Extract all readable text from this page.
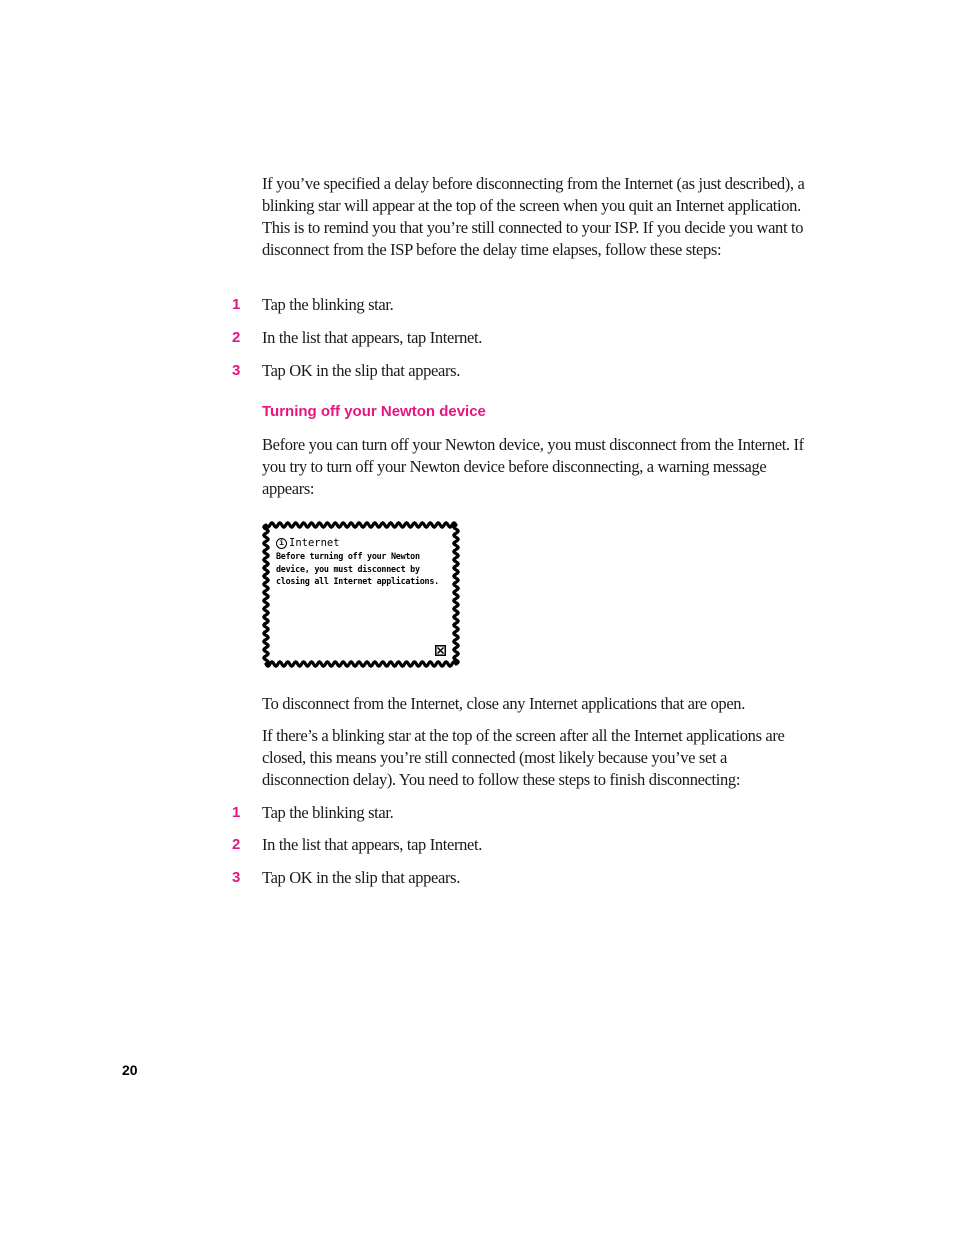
If you’ve specified a delay before disconnecting from the Internet (as just described), a blinking star will appear at the top of the screen when you quit an Internet application. This is to remind you that you’re still connected to your ISP. If you decide you want to disconnect from the ISP before the delay time elapses, follow these steps:

1	Tap the blinking star.
2	In the list that appears, tap Internet.
3	Tap OK in the slip that appears.
Turning off your Newton device

Before you can turn off your Newton device, you must disconnect from the Internet. If you try to turn off your Newton device before disconnecting, a warning message appears:

i Internet
Before turning off your Newton device, you must disconnect by closing all Internet applications.

To disconnect from the Internet, close any Internet applications that are open.

If there’s a blinking star at the top of the screen after all the Internet applications are closed, this means you’re still connected (most likely because you’ve set a disconnection delay). You need to follow these steps to finish disconnecting:

1	Tap the blinking star.
2	In the list that appears, tap Internet.
3	Tap OK in the slip that appears.
20
